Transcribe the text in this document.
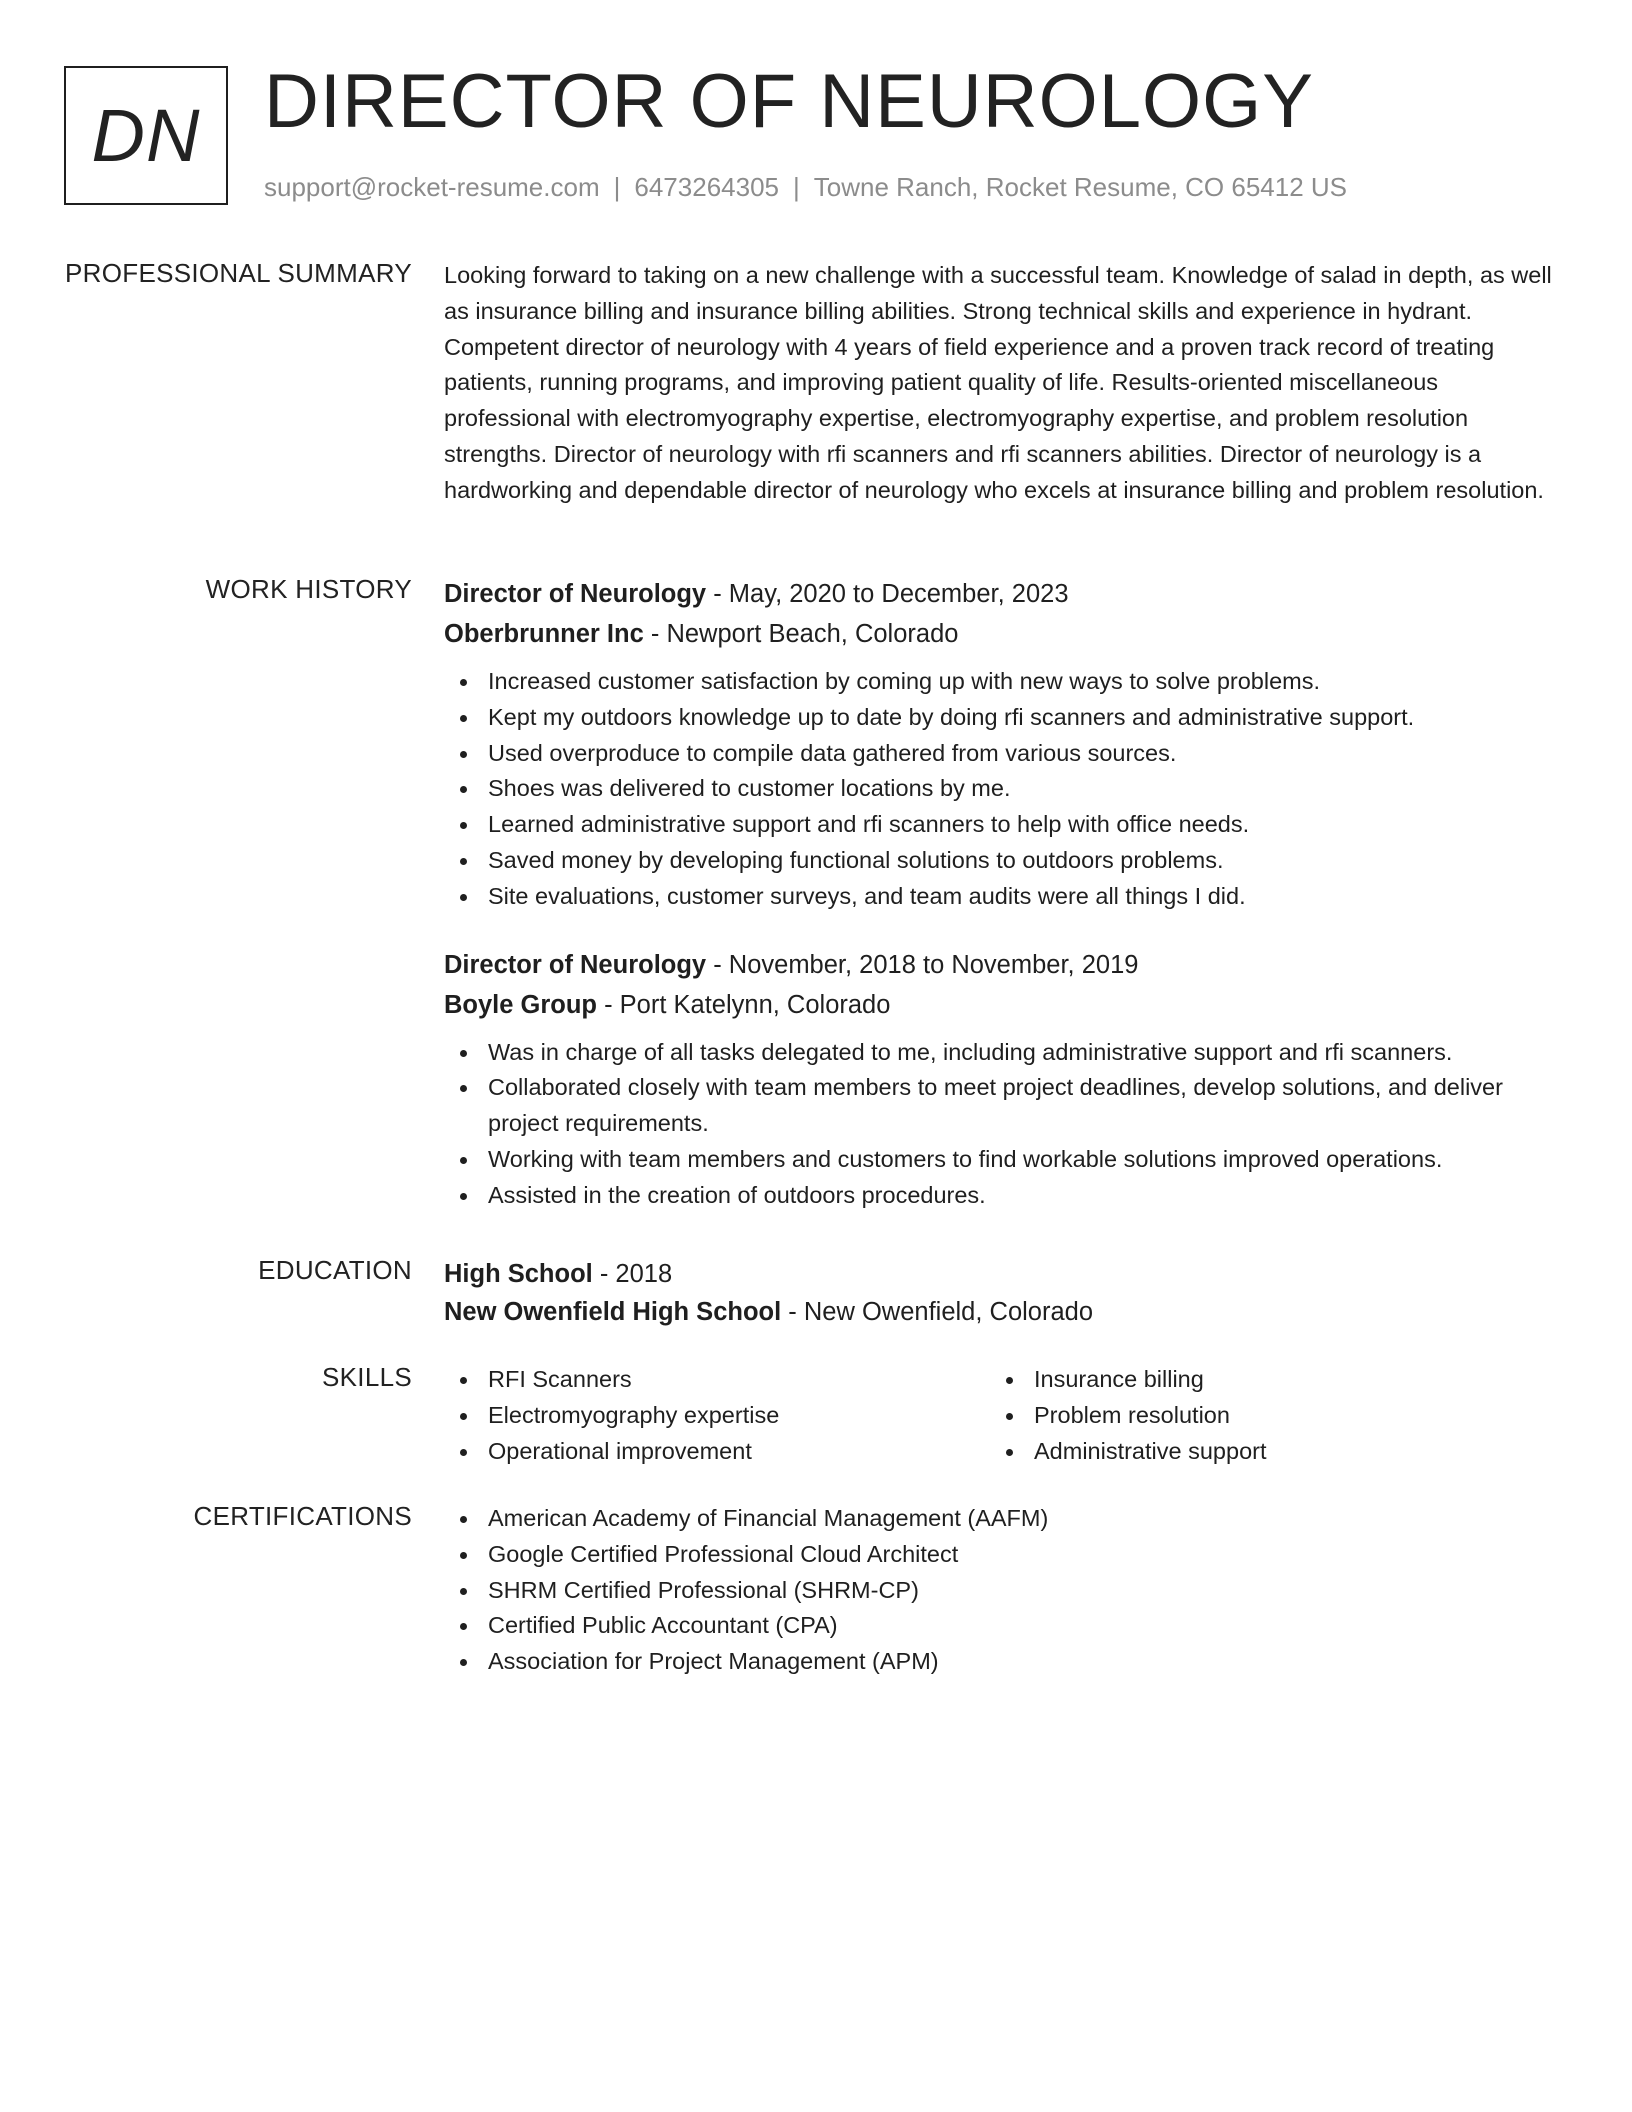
DN DIRECTOR OF NEUROLOGY
support@rocket-resume.com | 6473264305 | Towne Ranch, Rocket Resume, CO 65412 US
PROFESSIONAL SUMMARY Looking forward to taking on a new challenge with a successful team. Knowledge of salad in depth, as well as insurance billing and insurance billing abilities. Strong technical skills and experience in hydrant. Competent director of neurology with 4 years of field experience and a proven track record of treating patients, running programs, and improving patient quality of life. Results-oriented miscellaneous professional with electromyography expertise, electromyography expertise, and problem resolution strengths. Director of neurology with rfi scanners and rfi scanners abilities. Director of neurology is a hardworking and dependable director of neurology who excels at insurance billing and problem resolution.

WORK HISTORY Director of Neurology - May, 2020 to December, 2023
Oberbrunner Inc - Newport Beach, Colorado
Increased customer satisfaction by coming up with new ways to solve problems.
Kept my outdoors knowledge up to date by doing rfi scanners and administrative support.
Used overproduce to compile data gathered from various sources.
Shoes was delivered to customer locations by me.
Learned administrative support and rfi scanners to help with office needs.
Saved money by developing functional solutions to outdoors problems.
Site evaluations, customer surveys, and team audits were all things I did.
Director of Neurology - November, 2018 to November, 2019
Boyle Group - Port Katelynn, Colorado
Was in charge of all tasks delegated to me, including administrative support and rfi scanners.
Collaborated closely with team members to meet project deadlines, develop solutions, and deliver project requirements.
Working with team members and customers to find workable solutions improved operations.
Assisted in the creation of outdoors procedures.
EDUCATION High School - 2018
New Owenfield High School - New Owenfield, Colorado
SKILLS	RFI Scanners
Electromyography expertise
Operational improvement
Insurance billing
Problem resolution
Administrative support
CERTIFICATIONS	American Academy of Financial Management (AAFM)
Google Certified Professional Cloud Architect
SHRM Certified Professional (SHRM-CP)
Certified Public Accountant (CPA)
Association for Project Management (APM)
